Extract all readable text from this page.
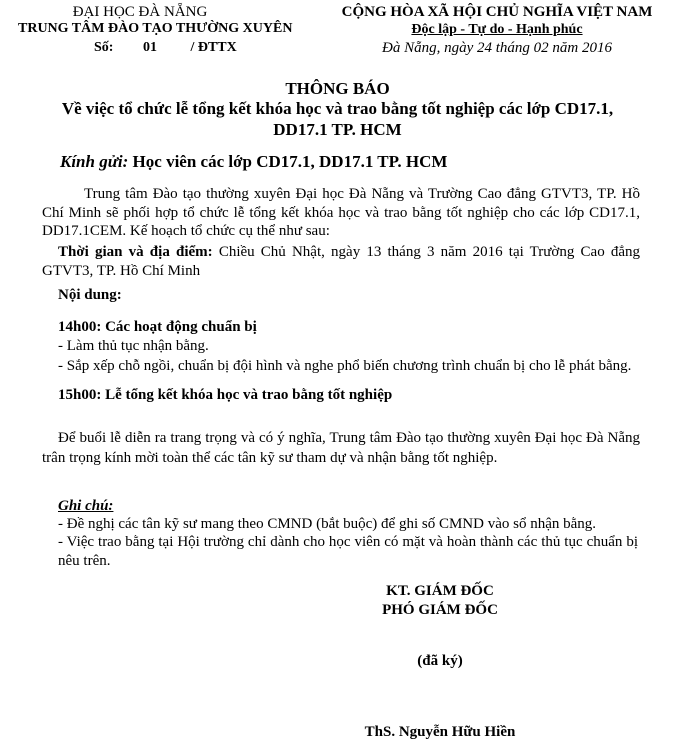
ĐẠI HỌC ĐÀ NẴNG
TRUNG TÂM ĐÀO TẠO THƯỜNG XUYÊN
Số: 01 / ĐTTX
CỘNG HÒA XÃ HỘI CHỦ NGHĨA VIỆT NAM
Độc lập - Tự do - Hạnh phúc
Đà Nẵng, ngày 24 tháng 02 năm 2016
THÔNG BÁO
Về việc tổ chức lễ tổng kết khóa học và trao bằng tốt nghiệp các lớp CD17.1,
DD17.1 TP. HCM
Kính gửi: Học viên các lớp CD17.1, DD17.1 TP. HCM
Trung tâm Đào tạo thường xuyên Đại học Đà Nẵng và Trường Cao đẳng GTVT3, TP. Hồ Chí Minh sẽ phối hợp tổ chức lễ tổng kết khóa học và trao bằng tốt nghiệp cho các lớp CD17.1, DD17.1CEM. Kế hoạch tổ chức cụ thể như sau:
Thời gian và địa điểm: Chiều Chủ Nhật, ngày 13 tháng 3 năm 2016 tại Trường Cao đẳng GTVT3, TP. Hồ Chí Minh
Nội dung:
14h00: Các hoạt động chuẩn bị
- Làm thủ tục nhận bằng.
- Sắp xếp chỗ ngồi, chuẩn bị đội hình và nghe phổ biến chương trình chuẩn bị cho lễ phát bằng.
15h00: Lễ tổng kết khóa học và trao bằng tốt nghiệp
Để buổi lễ diễn ra trang trọng và có ý nghĩa, Trung tâm Đào tạo thường xuyên Đại học Đà Nẵng trân trọng kính mời toàn thể các tân kỹ sư tham dự và nhận bằng tốt nghiệp.
Ghi chú:
- Đề nghị các tân kỹ sư mang theo CMND (bắt buộc) để ghi số CMND vào sổ nhận bằng.
- Việc trao bằng tại Hội trường chỉ dành cho học viên có mặt và hoàn thành các thủ tục chuẩn bị nêu trên.
KT. GIÁM ĐỐC
PHÓ GIÁM ĐỐC
(đã ký)
ThS. Nguyễn Hữu Hiền
